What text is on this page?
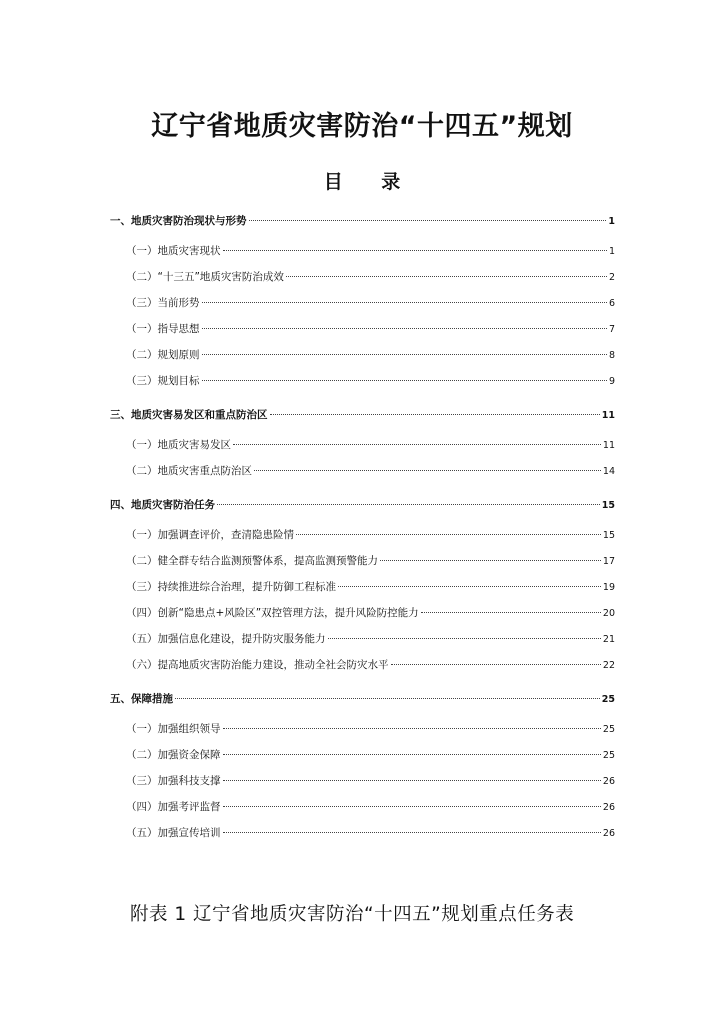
辽宁省地质灾害防治“十四五”规划
目 录
一、地质灾害防治现状与形势	1
（一）地质灾害现状	1
（二）“十三五”地质灾害防治成效	2
（三）当前形势	6
（一）指导思想	7
（二）规划原则	8
（三）规划目标	9
三、地质灾害易发区和重点防治区	11
（一）地质灾害易发区	11
（二）地质灾害重点防治区	14
四、地质灾害防治任务	15
（一）加强调查评价，查清隐患险情	15
（二）健全群专结合监测预警体系，提高监测预警能力	17
（三）持续推进综合治理，提升防御工程标准	19
（四）创新“隐患点+风险区”双控管理方法，提升风险防控能力	20
（五）加强信息化建设，提升防灾服务能力	21
（六）提高地质灾害防治能力建设，推动全社会防灾水平	22
五、保障措施	25
（一）加强组织领导	25
（二）加强资金保障	25
（三）加强科技支撑	26
（四）加强考评监督	26
（五）加强宣传培训	26
附表 1 辽宁省地质灾害防治“十四五”规划重点任务表
